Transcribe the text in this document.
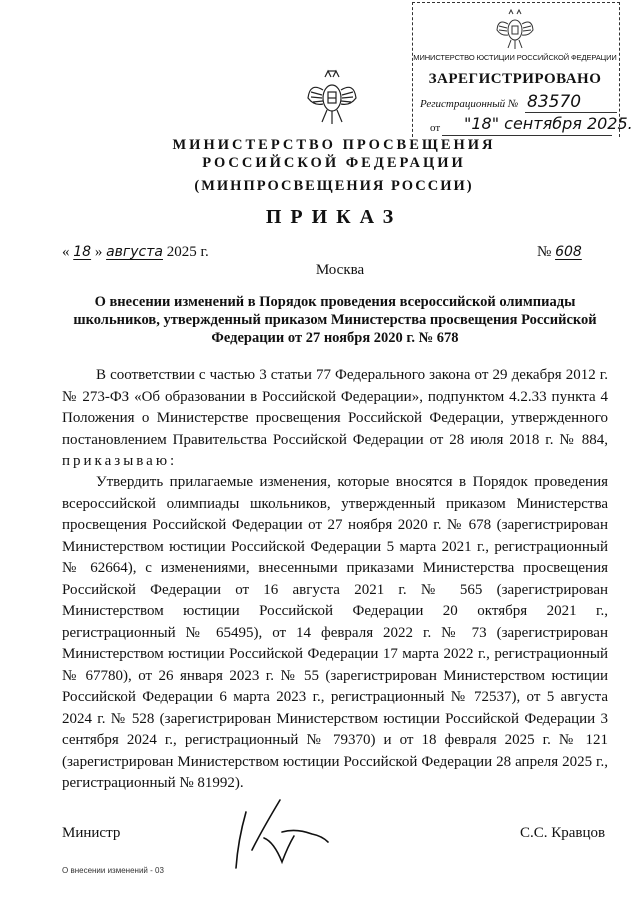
МИНИСТЕРСТВО ЮСТИЦИИ РОССИЙСКОЙ ФЕДЕРАЦИИ
ЗАРЕГИСТРИРОВАНО
Регистрационный № 83570
от	"18" сентября 2025.
МИНИСТЕРСТВО ПРОСВЕЩЕНИЯ
РОССИЙСКОЙ ФЕДЕРАЦИИ
(МИНПРОСВЕЩЕНИЯ РОССИИ)
ПРИКАЗ
« 18 » августа 2025 г.	№ 608
Москва
О внесении изменений в Порядок проведения всероссийской олимпиады
школьников, утвержденный приказом Министерства просвещения Российской
Федерации от 27 ноября 2020 г. № 678
В соответствии с частью 3 статьи 77 Федерального закона от 29 декабря 2012 г. № 273-ФЗ «Об образовании в Российской Федерации», подпунктом 4.2.33 пункта 4 Положения о Министерстве просвещения Российской Федерации, утвержденного постановлением Правительства Российской Федерации от 28 июля 2018 г. № 884, приказываю:
Утвердить прилагаемые изменения, которые вносятся в Порядок проведения всероссийской олимпиады школьников, утвержденный приказом Министерства просвещения Российской Федерации от 27 ноября 2020 г. № 678 (зарегистрирован Министерством юстиции Российской Федерации 5 марта 2021 г., регистрационный № 62664), с изменениями, внесенными приказами Министерства просвещения Российской Федерации от 16 августа 2021 г. № 565 (зарегистрирован Министерством юстиции Российской Федерации 20 октября 2021 г., регистрационный № 65495), от 14 февраля 2022 г. № 73 (зарегистрирован Министерством юстиции Российской Федерации 17 марта 2022 г., регистрационный № 67780), от 26 января 2023 г. № 55 (зарегистрирован Министерством юстиции Российской Федерации 6 марта 2023 г., регистрационный № 72537), от 5 августа 2024 г. № 528 (зарегистрирован Министерством юстиции Российской Федерации 3 сентября 2024 г., регистрационный № 79370) и от 18 февраля 2025 г. № 121 (зарегистрирован Министерством юстиции Российской Федерации 28 апреля 2025 г., регистрационный № 81992).
Министр	С.С. Кравцов
О внесении изменений - 03
